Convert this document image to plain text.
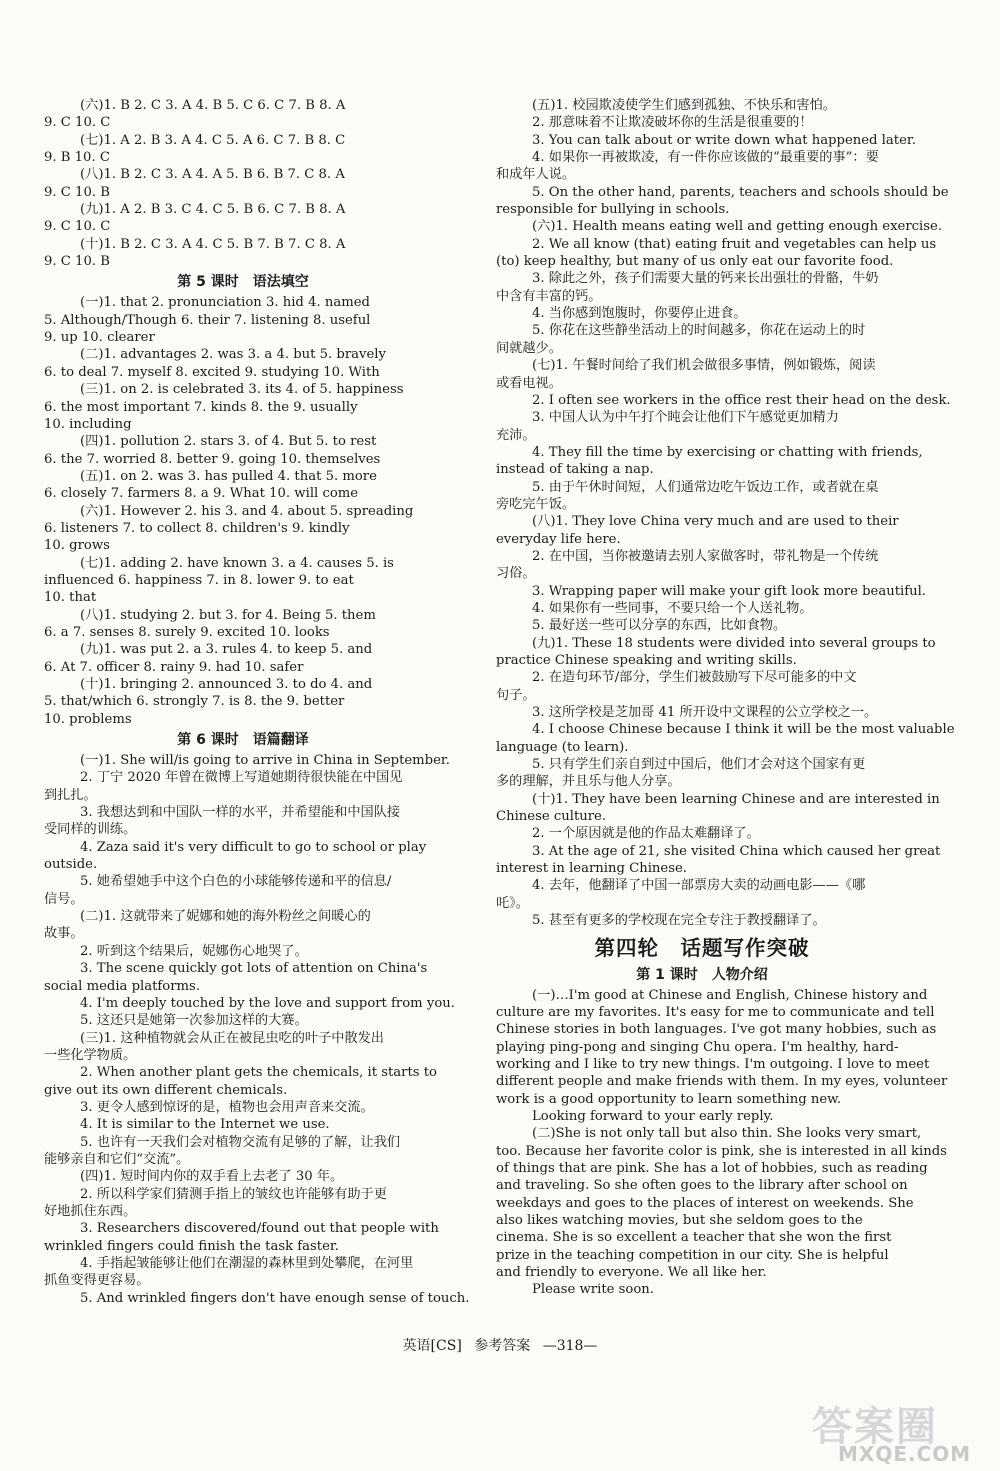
(六)1. B 2. C 3. A 4. B 5. C 6. C 7. B 8. A
9. C 10. C
(七)1. A 2. B 3. A 4. C 5. A 6. C 7. B 8. C
9. B 10. C
(八)1. B 2. C 3. A 4. A 5. B 6. B 7. C 8. A
9. C 10. B
(九)1. A 2. B 3. C 4. C 5. B 6. C 7. B 8. A
9. C 10. C
(十)1. B 2. C 3. A 4. C 5. B 7. B 7. C 8. A
9. C 10. B
第 5 课时　语法填空
(一)1. that 2. pronunciation 3. hid 4. named
5. Although/Though 6. their 7. listening 8. useful
9. up 10. clearer
(二)1. advantages 2. was 3. a 4. but 5. bravely
6. to deal 7. myself 8. excited 9. studying 10. With
(三)1. on 2. is celebrated 3. its 4. of 5. happiness
6. the most important 7. kinds 8. the 9. usually
10. including
(四)1. pollution 2. stars 3. of 4. But 5. to rest
6. the 7. worried 8. better 9. going 10. themselves
(五)1. on 2. was 3. has pulled 4. that 5. more
6. closely 7. farmers 8. a 9. What 10. will come
(六)1. However 2. his 3. and 4. about 5. spreading
6. listeners 7. to collect 8. children's 9. kindly
10. grows
(七)1. adding 2. have known 3. a 4. causes 5. is
influenced 6. happiness 7. in 8. lower 9. to eat
10. that
(八)1. studying 2. but 3. for 4. Being 5. them
6. a 7. senses 8. surely 9. excited 10. looks
(九)1. was put 2. a 3. rules 4. to keep 5. and
6. At 7. officer 8. rainy 9. had 10. safer
(十)1. bringing 2. announced 3. to do 4. and
5. that/which 6. strongly 7. is 8. the 9. better
10. problems
第 6 课时　语篇翻译
(一)1. She will/is going to arrive in China in September.
2. 丁宁 2020 年曾在微博上写道她期待很快能在中国见
到扎扎。
3. 我想达到和中国队一样的水平，并希望能和中国队接
受同样的训练。
4. Zaza said it's very difficult to go to school or play
outside.
5. 她希望她手中这个白色的小球能够传递和平的信息/
信号。
(二)1. 这就带来了妮娜和她的海外粉丝之间暖心的
故事。
2. 听到这个结果后，妮娜伤心地哭了。
3. The scene quickly got lots of attention on China's
social media platforms.
4. I'm deeply touched by the love and support from you.
5. 这还只是她第一次参加这样的大赛。
(三)1. 这种植物就会从正在被昆虫吃的叶子中散发出
一些化学物质。
2. When another plant gets the chemicals, it starts to
give out its own different chemicals.
3. 更令人感到惊讶的是，植物也会用声音来交流。
4. It is similar to the Internet we use.
5. 也许有一天我们会对植物交流有足够的了解，让我们
能够亲自和它们“交流”。
(四)1. 短时间内你的双手看上去老了 30 年。
2. 所以科学家们猜测手指上的皱纹也许能够有助于更
好地抓住东西。
3. Researchers discovered/found out that people with
wrinkled fingers could finish the task faster.
4. 手指起皱能够让他们在潮湿的森林里到处攀爬，在河里
抓鱼变得更容易。
5. And wrinkled fingers don't have enough sense of touch.
(五)1. 校园欺凌使学生们感到孤独、不快乐和害怕。
2. 那意味着不让欺凌破坏你的生活是很重要的！
3. You can talk about or write down what happened later.
4. 如果你一再被欺凌，有一件你应该做的“最重要的事”：要
和成年人说。
5. On the other hand, parents, teachers and schools should be
responsible for bullying in schools.
(六)1. Health means eating well and getting enough exercise.
2. We all know (that) eating fruit and vegetables can help us
(to) keep healthy, but many of us only eat our favorite food.
3. 除此之外，孩子们需要大量的钙来长出强壮的骨骼，牛奶
中含有丰富的钙。
4. 当你感到饱腹时，你要停止进食。
5. 你花在这些静坐活动上的时间越多，你花在运动上的时
间就越少。
(七)1. 午餐时间给了我们机会做很多事情，例如锻炼，阅读
或看电视。
2. I often see workers in the office rest their head on the desk.
3. 中国人认为中午打个盹会让他们下午感觉更加精力
充沛。
4. They fill the time by exercising or chatting with friends,
instead of taking a nap.
5. 由于午休时间短，人们通常边吃午饭边工作，或者就在桌
旁吃完午饭。
(八)1. They love China very much and are used to their
everyday life here.
2. 在中国，当你被邀请去别人家做客时，带礼物是一个传统
习俗。
3. Wrapping paper will make your gift look more beautiful.
4. 如果你有一些同事，不要只给一个人送礼物。
5. 最好送一些可以分享的东西，比如食物。
(九)1. These 18 students were divided into several groups to
practice Chinese speaking and writing skills.
2. 在造句环节/部分，学生们被鼓励写下尽可能多的中文
句子。
3. 这所学校是芝加哥 41 所开设中文课程的公立学校之一。
4. I choose Chinese because I think it will be the most valuable
language (to learn).
5. 只有学生们亲自到过中国后，他们才会对这个国家有更
多的理解，并且乐与他人分享。
(十)1. They have been learning Chinese and are interested in
Chinese culture.
2. 一个原因就是他的作品太难翻译了。
3. At the age of 21, she visited China which caused her great
interest in learning Chinese.
4. 去年，他翻译了中国一部票房大卖的动画电影——《哪
吒》。
5. 甚至有更多的学校现在完全专注于教授翻译了。
第四轮　话题写作突破
第 1 课时　人物介绍
(一)…I'm good at Chinese and English, Chinese history and
culture are my favorites. It's easy for me to communicate and tell
Chinese stories in both languages. I've got many hobbies, such as
playing ping-pong and singing Chu opera. I'm healthy, hard-
working and I like to try new things. I'm outgoing. I love to meet
different people and make friends with them. In my eyes, volunteer
work is a good opportunity to learn something new.
Looking forward to your early reply.
(二)She is not only tall but also thin. She looks very smart,
too. Because her favorite color is pink, she is interested in all kinds
of things that are pink. She has a lot of hobbies, such as reading
and traveling. So she often goes to the library after school on
weekdays and goes to the places of interest on weekends. She
also likes watching movies, but she seldom goes to the
cinema. She is so excellent a teacher that she won the first
prize in the teaching competition in our city. She is helpful
and friendly to everyone. We all like her.
Please write soon.
英语[CS] 参考答案 —318—
答案圈
MXQE.COM
